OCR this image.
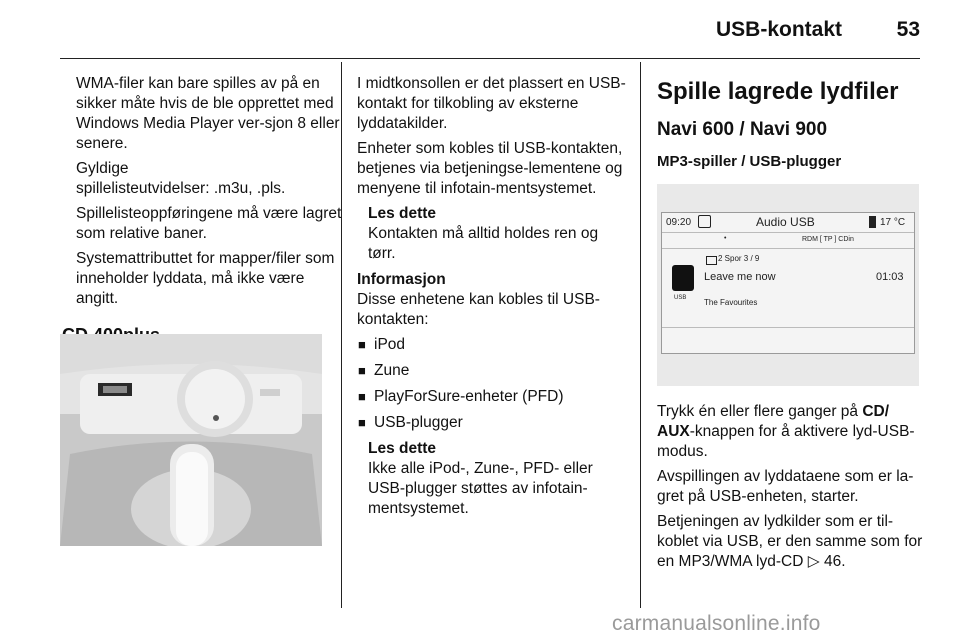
USB-kontakt	53

WMA-filer kan bare spilles av på en sikker måte hvis de ble opprettet med Windows Media Player ver-sjon 8 eller senere.

Gyldige
spillelisteutvidelser: .m3u, .pls.

Spillelisteoppføringene må være lagret som relative baner.

Systemattributtet for mapper/filer som inneholder lyddata, må ikke være angitt.

I midtkonsollen er det plassert en USB-kontakt for tilkobling av eksterne lyddatakilder.

Enheter som kobles til USB-kontakten, betjenes via betjeningse-lementene og menyene til infotain-mentsystemet.

Les dette
Kontakten må alltid holdes ren og tørr.
Informasjon

Disse enhetene kan kobles til USB-kontakten:

■ iPod
■ Zune
■ PlayForSure-enheter (PFD)
■ USB-plugger
Les dette
Ikke alle iPod-, Zune-, PFD- eller USB-plugger støttes av infotain-mentsystemet.
Spille lagrede lydfiler
Navi 600 / Navi 900
MP3-spiller / USB-plugger
09:20	Audio USB	17 °C
•	RDM [ TP ] CDin
2 Spor 3 / 9
USB
Leave me now	01:03
The Favourites

Trykk én eller flere ganger på CD/
AUX-knappen for å aktivere lyd-USB-modus.

Avspillingen av lyddataene som er la-gret på USB-enheten, starter.

Betjeningen av lydkilder som er til-koblet via USB, er den samme som for en MP3/WMA lyd-CD ▷ 46.

carmanualsonline.info
